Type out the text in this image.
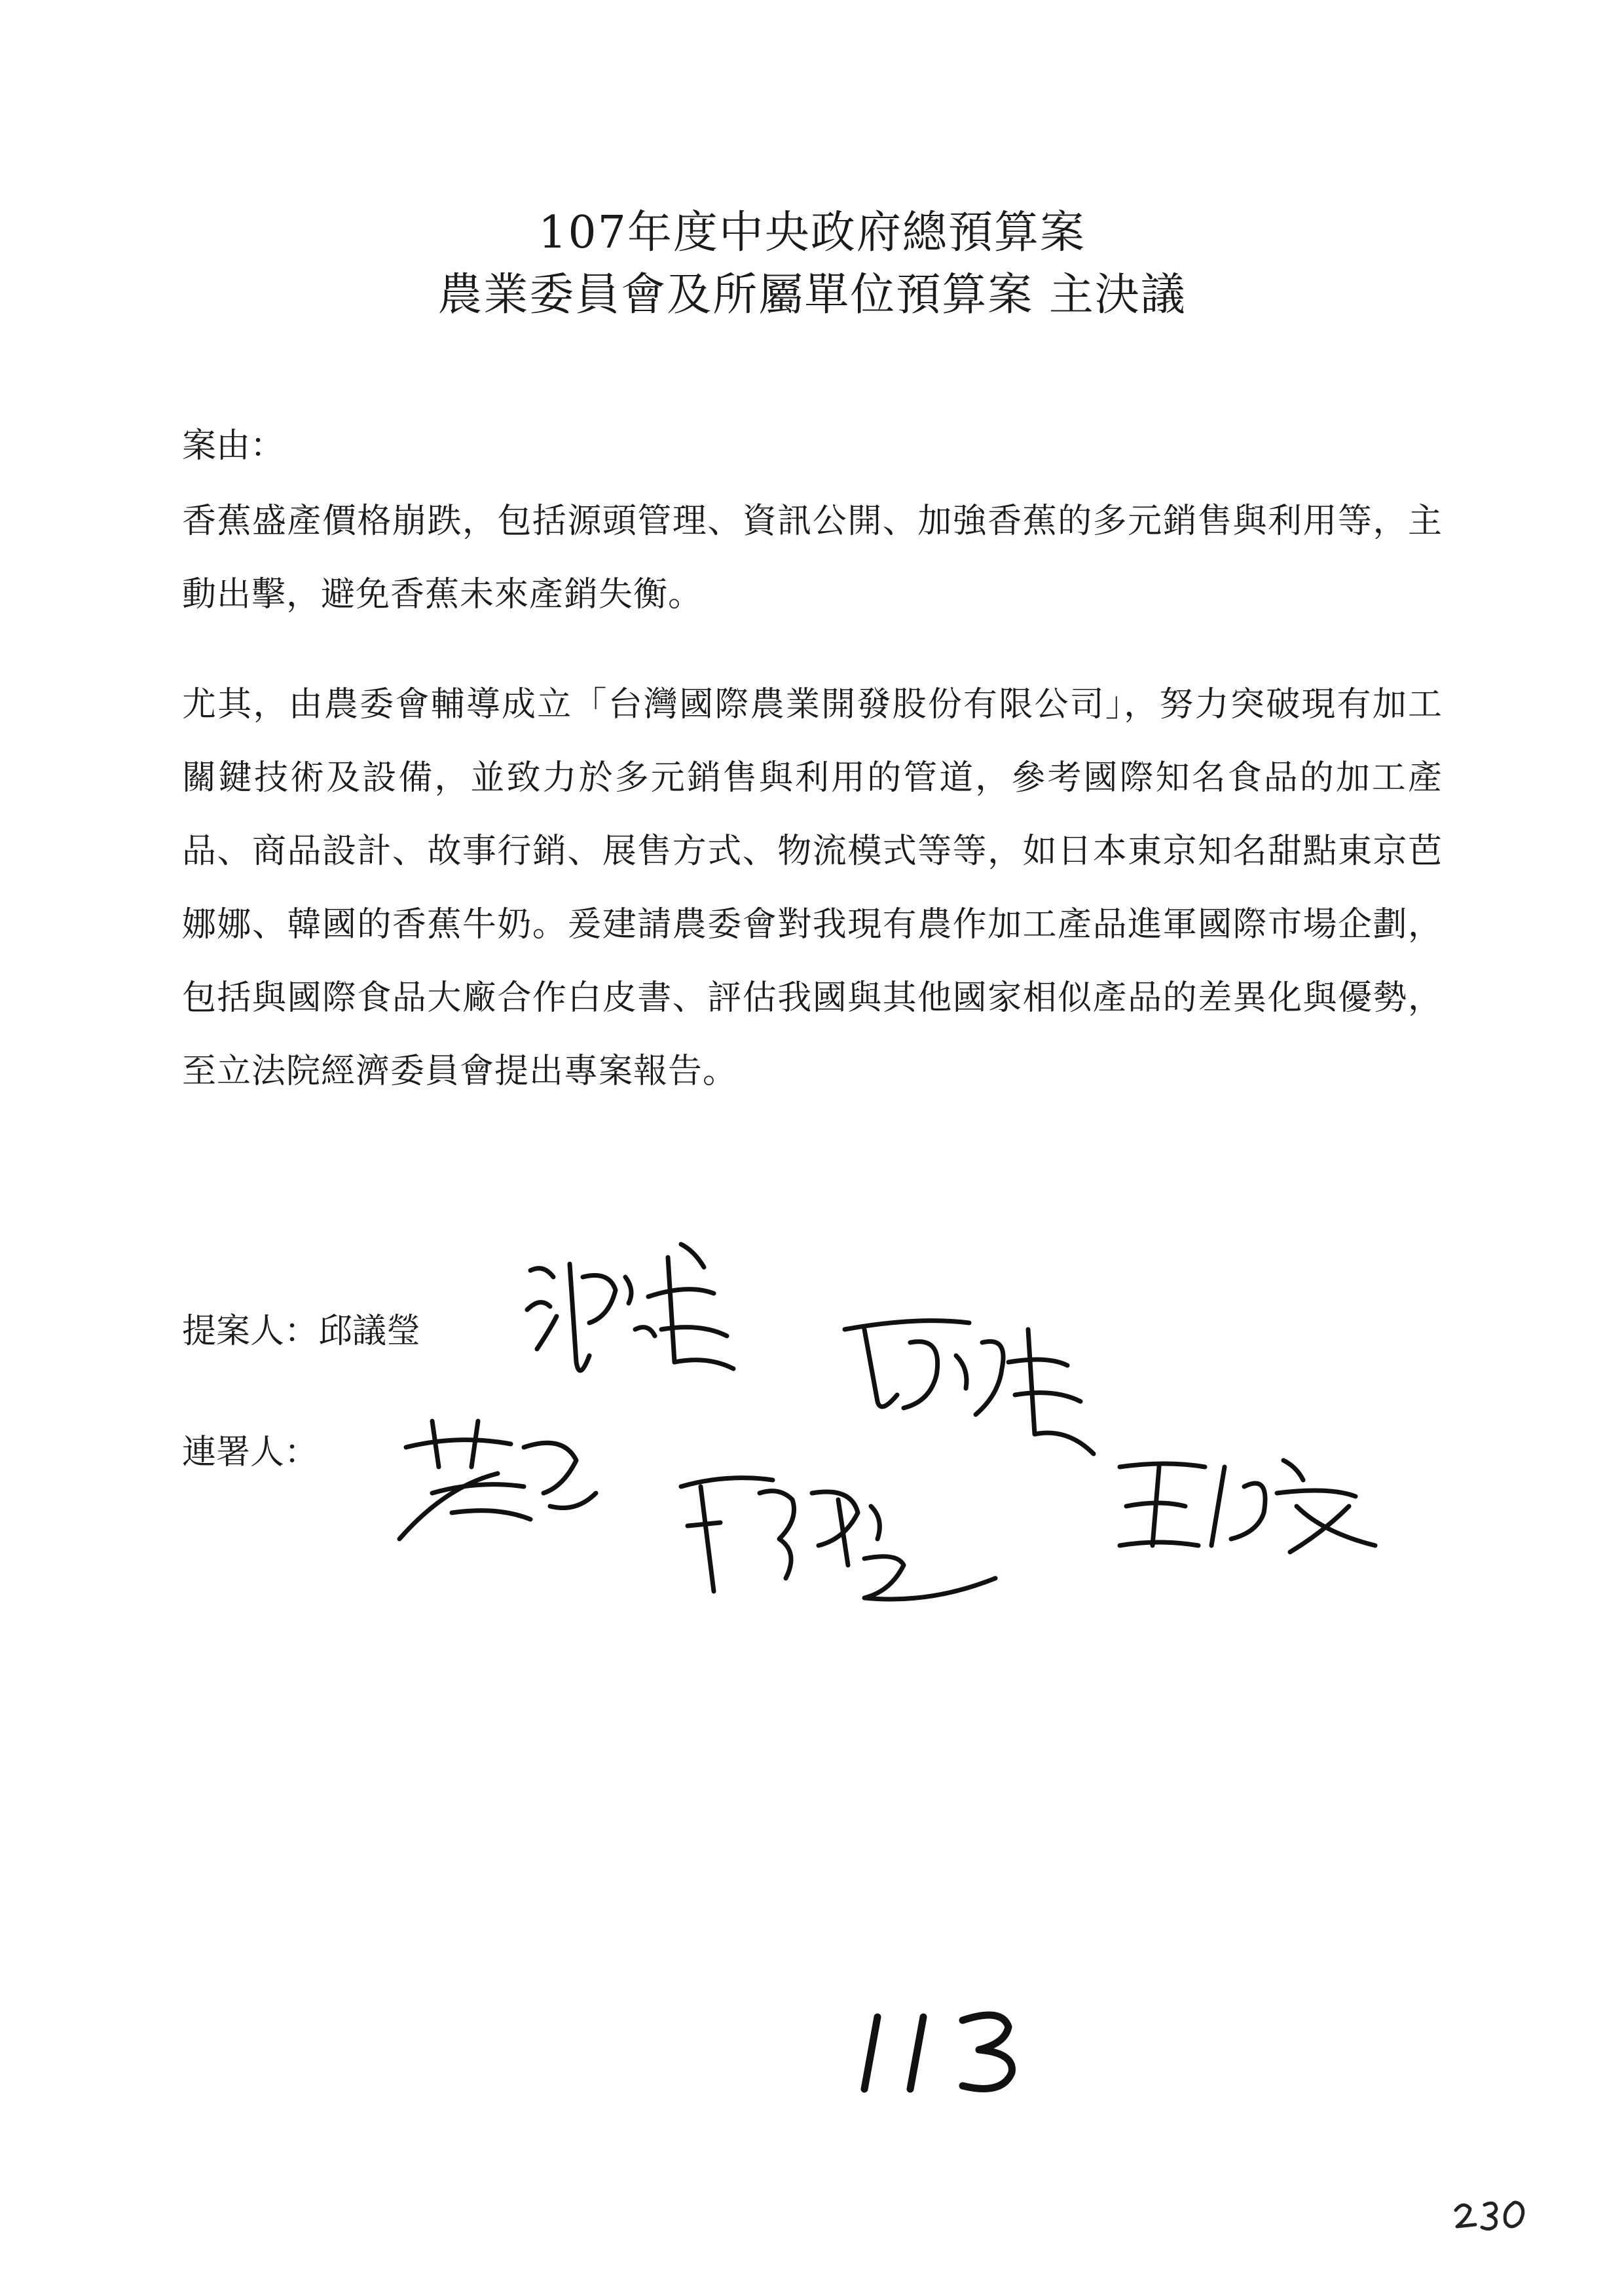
107年度中央政府總預算案
農業委員會及所屬單位預算案 主決議
案由：
香蕉盛產價格崩跌，包括源頭管理、資訊公開、加強香蕉的多元銷售與利用等，主動出擊，避免香蕉未來產銷失衡。
尤其，由農委會輔導成立「台灣國際農業開發股份有限公司」，努力突破現有加工關鍵技術及設備，並致力於多元銷售與利用的管道，參考國際知名食品的加工產品、商品設計、故事行銷、展售方式、物流模式等等，如日本東京知名甜點東京芭娜娜、韓國的香蕉牛奶。爰建請農委會對我現有農作加工產品進軍國際市場企劃，包括與國際食品大廠合作白皮書、評估我國與其他國家相似產品的差異化與優勢，至立法院經濟委員會提出專案報告。
提案人：邱議瑩
連署人：
